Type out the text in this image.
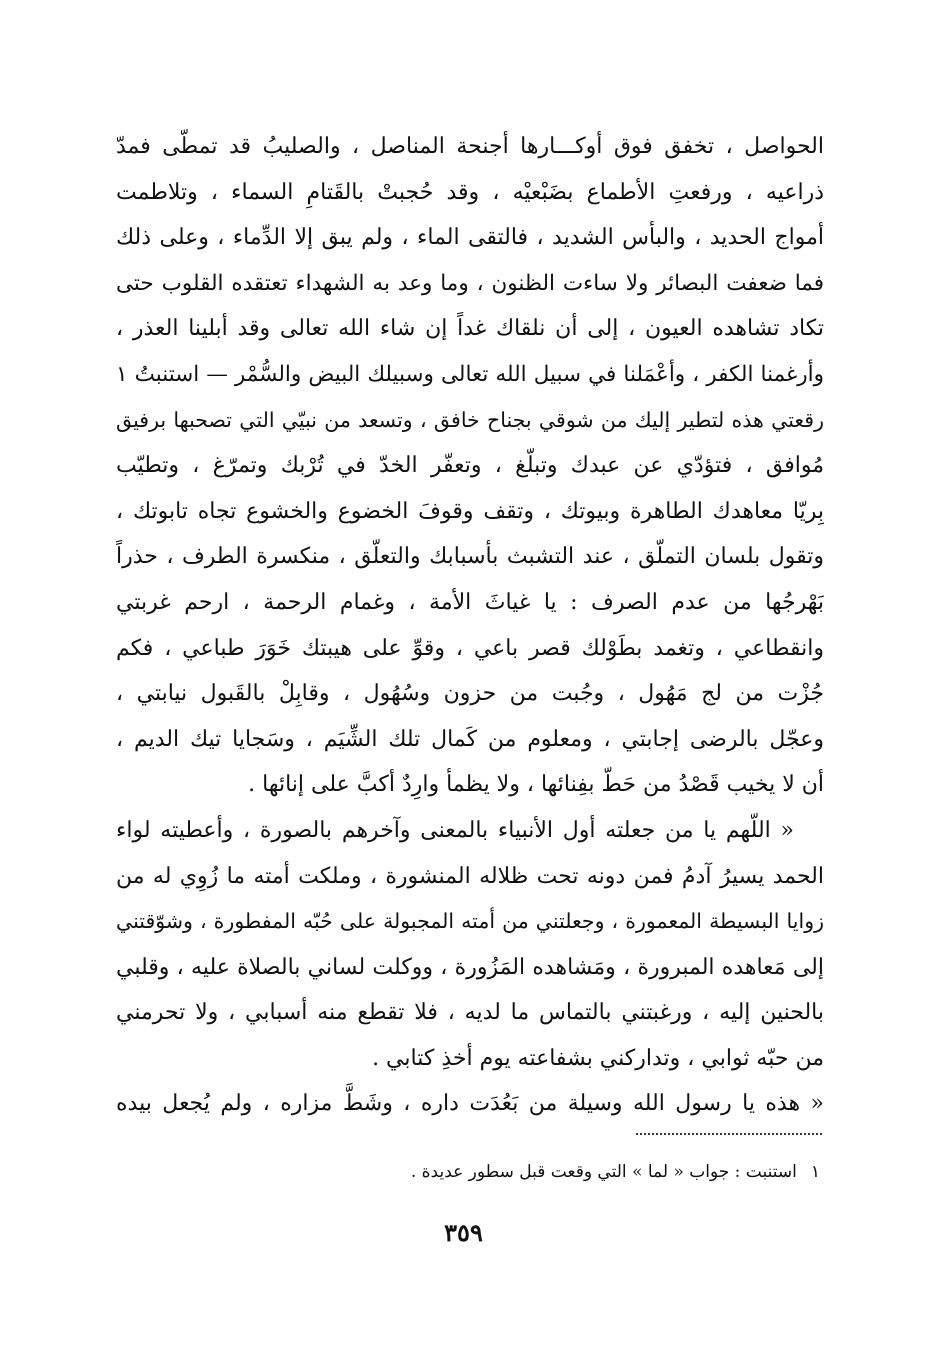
الحواصل ، تخفق فوق أوكـــارها أجنحة المناصل ، والصليبُ قد تمطّى فمدّ
ذراعيه ، ورفعتِ الأطماع بضَبْعيْه ، وقد حُجبتْ بالقَتامِ السماء ، وتلاطمت
أمواج الحديد ، والبأس الشديد ، فالتقى الماء ، ولم يبق إلا الدِّماء ، وعلى ذلك
فما ضعفت البصائر ولا ساءت الظنون ، وما وعد به الشهداء تعتقده القلوب حتى
تكاد تشاهده العيون ، إلى أن نلقاك غداً إن شاء الله تعالى وقد أبلينا العذر ،
وأرغمنا الكفر ، وأعْمَلنا في سبيل الله تعالى وسبيلك البيض والسُّمْر — استنبتُ ١
رقعتي هذه لتطير إليك من شوقي بجناح خافق ، وتسعد من نبيّي التي تصحبها برفيق
مُوافق ، فتؤدّي عن عبدك وتبلّغ ، وتعفّر الخدّ في تُرْبك وتمرّغ ، وتطيّب
بِريّا معاهدك الطاهرة وبيوتك ، وتقف وقوفَ الخضوع والخشوع تجاه تابوتك ،
وتقول بلسان التملّق ، عند التشبث بأسبابك والتعلّق ، منكسرة الطرف ، حذراً
بَهْرجُها من عدم الصرف : يا غياثَ الأمة ، وغمام الرحمة ، ارحم غربتي
وانقطاعي ، وتغمد بطَوْلك قصر باعي ، وقوِّ على هيبتك خَوَرَ طباعي ، فكم
جُزْت من لج مَهُول ، وجُبت من حزون وسُهُول ، وقابِلْ بالقَبول نيابتي ،
وعجّل بالرضى إجابتي ، ومعلوم من كَمال تلك الشِّيَم ، وسَجايا تيك الديم ،
أن لا يخيب قَصْدُ من حَطّ بفِنائها ، ولا يظمأ وارِدٌ أكبَّ على إنائها .
« اللّهم يا من جعلته أول الأنبياء بالمعنى وآخرهم بالصورة ، وأعطيته لواء
الحمد يسيرُ آدمُ فمن دونه تحت ظلاله المنشورة ، وملكت أمته ما زُوِي له من
زوايا البسيطة المعمورة ، وجعلتني من أمته المجبولة على حُبّه المفطورة ، وشوّقتني
إلى مَعاهده المبرورة ، ومَشاهده المَزُورة ، ووكلت لساني بالصلاة عليه ، وقلبي
بالحنين إليه ، ورغبتني بالتماس ما لديه ، فلا تقطع منه أسبابي ، ولا تحرمني
من حبّه ثوابي ، وتداركني بشفاعته يوم أخذِ كتابي .
« هذه يا رسول الله وسيلة من بَعُدَت داره ، وشَطَّ مزاره ، ولم يُجعل بيده
١استنبت : جواب « لما » التي وقعت قبل سطور عديدة .
٣٥٩
